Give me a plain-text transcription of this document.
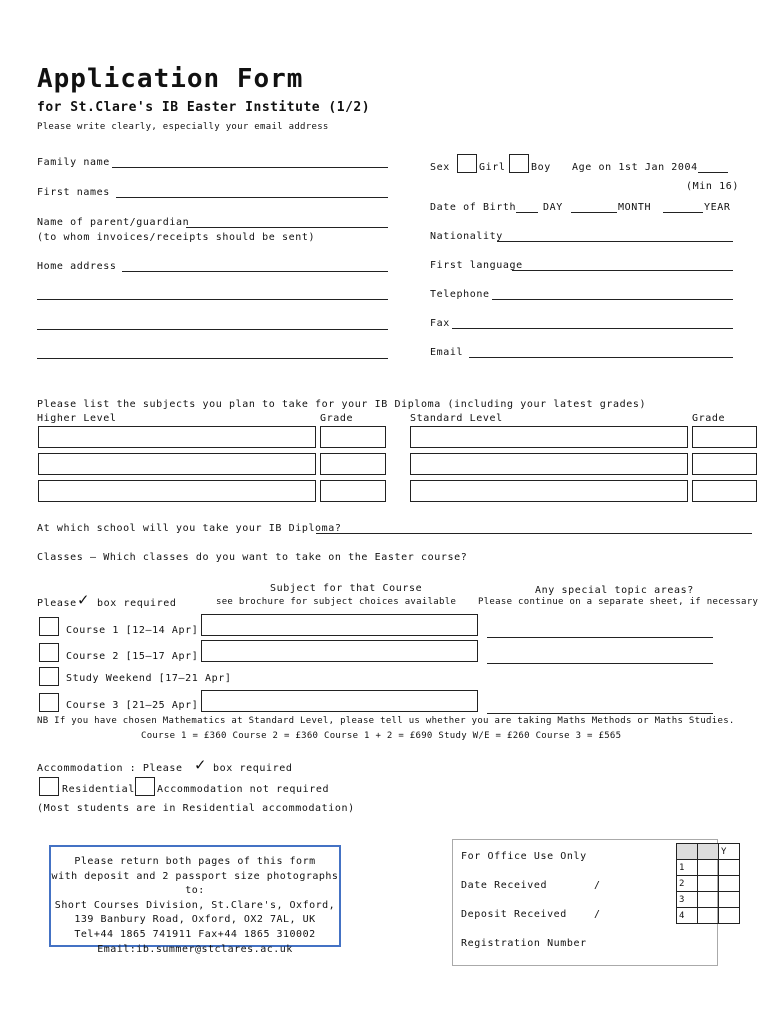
Application Form
for St.Clare's IB Easter Institute (1/2)
Please write clearly, especially your email address
Family name
First names
Name of parent/guardian
(to whom invoices/receipts should be sent)
Home address
Sex	Girl	Boy Age on 1st Jan 2004
(Min 16)
Date of Birth	DAY	MONTH	YEAR
Nationality
First language
Telephone
Fax
Email
Please list the subjects you plan to take for your IB Diploma (including your latest grades)
Higher Level	Grade	Standard Level	Grade
At which school will you take your IB Diploma?
Classes – Which classes do you want to take on the Easter course?
Subject for that Course
see brochure for subject choices available
Any special topic areas?
Please continue on a separate sheet, if necessary
Please ✓ box required
Course 1 [12–14 Apr]
Course 2 [15–17 Apr]
Study Weekend [17–21 Apr]
Course 3 [21–25 Apr]
NB If you have chosen Mathematics at Standard Level, please tell us whether you are taking Maths Methods or Maths Studies.
Course 1 = £360 Course 2 = £360 Course 1 + 2 = £690 Study W/E = £260 Course 3 = £565
Accommodation : Please ✓ box required
Residential Accommodation not required
(Most students are in Residential accommodation)
Please return both pages of this form
with deposit and 2 passport size photographs to:
Short Courses Division, St.Clare's, Oxford,
139 Banbury Road, Oxford, OX2 7AL, UK
Tel+44 1865 741911 Fax+44 1865 310002
Email:ib.summer@stclares.ac.uk
For Office Use Only
Date Received	/
Deposit Received	/
Registration Number
		Y
1		
2		
3		
4		
